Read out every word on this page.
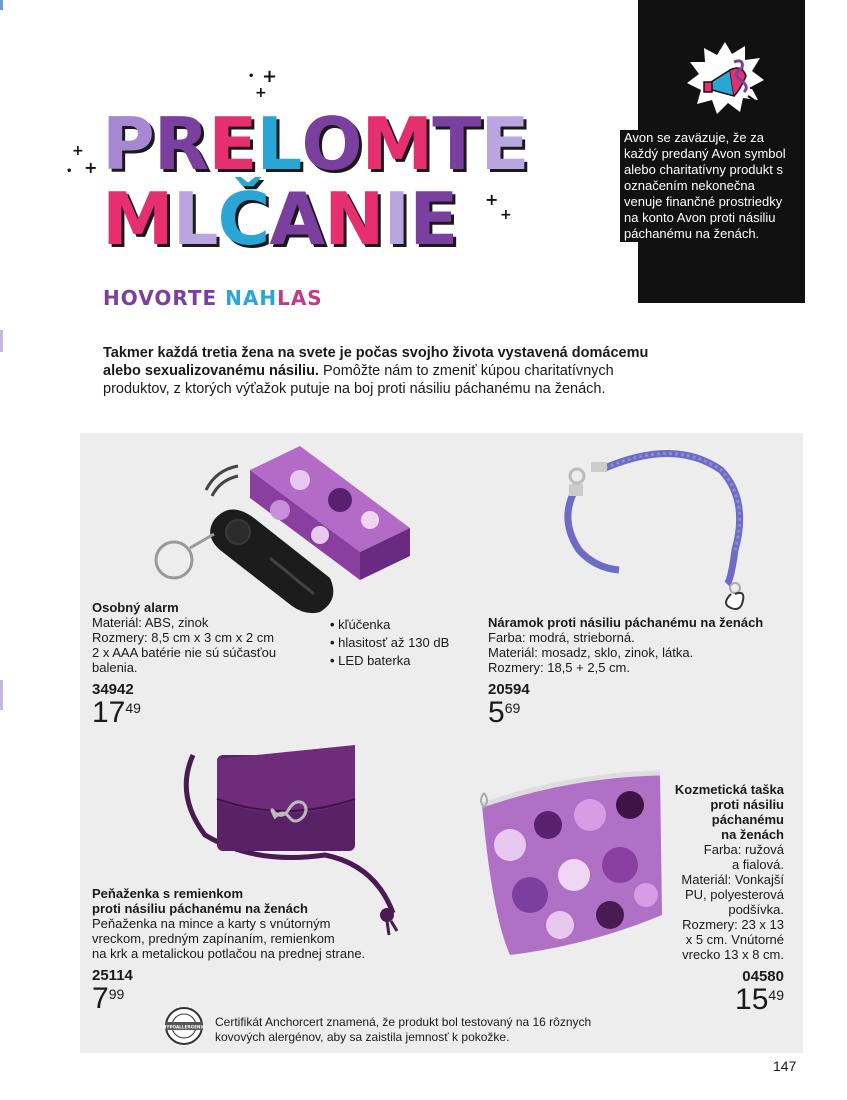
+
•
+
+
+
•
+
+
PRELOMTE
MLČANIE
HOVORTE NAHLAS
Avon se zaväzuje, že za každý predaný Avon symbol alebo charitatívny produkt s označením nekonečna venuje finančné prostriedky na konto Avon proti násiliu páchanému na ženách.
Takmer každá tretia žena na svete je počas svojho života vystavená domácemu alebo sexualizovanému násiliu. Pomôžte nám to zmeniť kúpou charitatívnych produktov, z ktorých výťažok putuje na boj proti násiliu páchanému na ženách.
Osobný alarm
Materiál: ABS, zinok
Rozmery: 8,5 cm x 3 cm x 2 cm
2 x AAA batérie nie sú súčasťou
balenia.
34942
1749
• kľúčenka
• hlasitosť až 130 dB
• LED baterka
Náramok proti násiliu páchanému na ženách
Farba: modrá, strieborná.
Materiál: mosadz, sklo, zinok, látka.
Rozmery: 18,5 + 2,5 cm.
20594
569
Peňaženka s remienkom
proti násiliu páchanému na ženách
Peňaženka na mince a karty s vnútorným
vreckom, predným zapínaním, remienkom
na krk a metalickou potlačou na prednej strane.
25114
799
Kozmetická taška
proti násiliu
páchanému
na ženách
Farba: ružová
a fialová.
Materiál: Vonkajší
PU, polyesterová
podšívka.
Rozmery: 23 x 13
x 5 cm. Vnútorné
vrecko 13 x 8 cm.
04580
1549
HYPOALLERGENIC Certifikát Anchorcert znamená, že produkt bol testovaný na 16 rôznych kovových alergénov, aby sa zaistila jemnosť k pokožke.
147
